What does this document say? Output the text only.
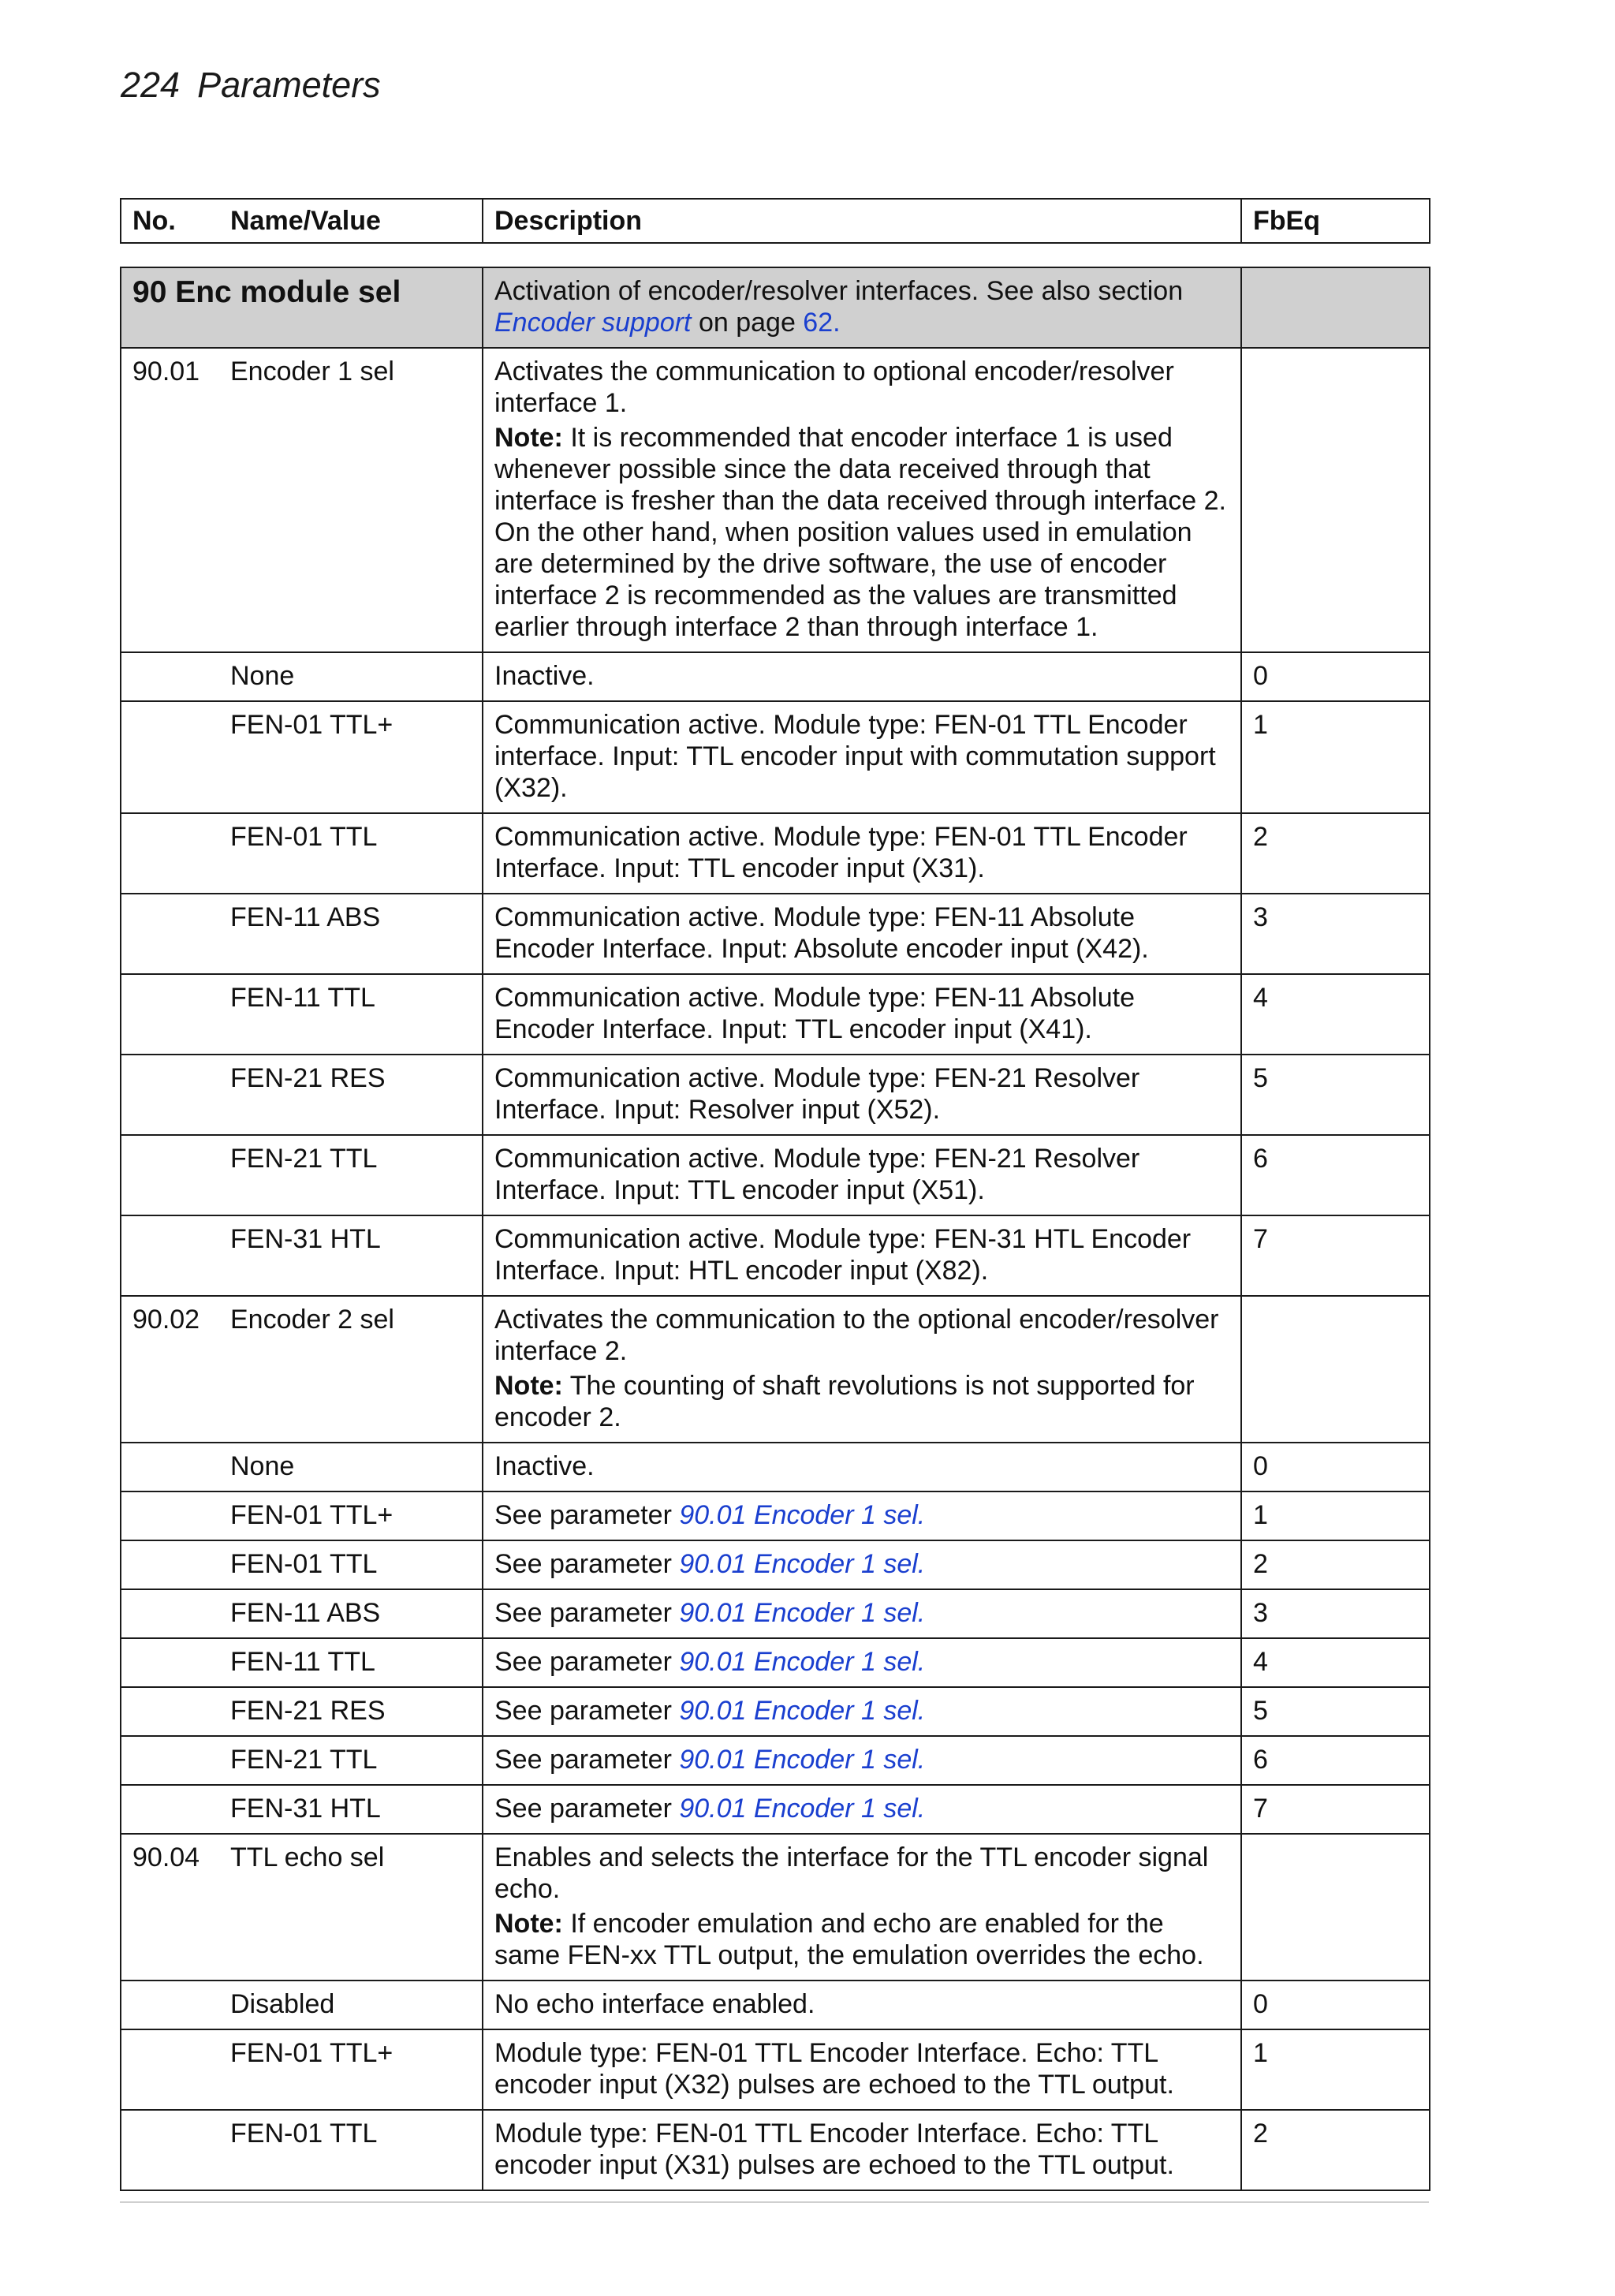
224 Parameters
No.	Name/Value	Description	FbEq
90 Enc module sel		Activation of encoder/resolver interfaces. See also section Encoder support on page 62.	
90.01	Encoder 1 sel	Activates the communication to optional encoder/resolver interface 1.
Note: It is recommended that encoder interface 1 is used whenever possible since the data received through that interface is fresher than the data received through interface 2. On the other hand, when position values used in emulation are determined by the drive software, the use of encoder interface 2 is recommended as the values are transmitted earlier through interface 2 than through interface 1.	

	None	Inactive.	0
	FEN-01 TTL+	Communication active. Module type: FEN-01 TTL Encoder interface. Input: TTL encoder input with commutation support (X32).	1
	FEN-01 TTL	Communication active. Module type: FEN-01 TTL Encoder Interface. Input: TTL encoder input (X31).	2
	FEN-11 ABS	Communication active. Module type: FEN-11 Absolute Encoder Interface. Input: Absolute encoder input (X42).	3
	FEN-11 TTL	Communication active. Module type: FEN-11 Absolute Encoder Interface. Input: TTL encoder input (X41).	4
	FEN-21 RES	Communication active. Module type: FEN-21 Resolver Interface. Input: Resolver input (X52).	5
	FEN-21 TTL	Communication active. Module type: FEN-21 Resolver Interface. Input: TTL encoder input (X51).	6
	FEN-31 HTL	Communication active. Module type: FEN-31 HTL Encoder Interface. Input: HTL encoder input (X82).	7
90.02	Encoder 2 sel	Activates the communication to the optional encoder/resolver interface 2.
Note: The counting of shaft revolutions is not supported for encoder 2.	

	None	Inactive.	0
	FEN-01 TTL+	See parameter 90.01 Encoder 1 sel.	1
	FEN-01 TTL	See parameter 90.01 Encoder 1 sel.	2
	FEN-11 ABS	See parameter 90.01 Encoder 1 sel.	3
	FEN-11 TTL	See parameter 90.01 Encoder 1 sel.	4
	FEN-21 RES	See parameter 90.01 Encoder 1 sel.	5
	FEN-21 TTL	See parameter 90.01 Encoder 1 sel.	6
	FEN-31 HTL	See parameter 90.01 Encoder 1 sel.	7
90.04	TTL echo sel	Enables and selects the interface for the TTL encoder signal echo.
Note: If encoder emulation and echo are enabled for the same FEN-xx TTL output, the emulation overrides the echo.	

	Disabled	No echo interface enabled.	0
	FEN-01 TTL+	Module type: FEN-01 TTL Encoder Interface. Echo: TTL encoder input (X32) pulses are echoed to the TTL output.	1
	FEN-01 TTL	Module type: FEN-01 TTL Encoder Interface. Echo: TTL encoder input (X31) pulses are echoed to the TTL output.	2
